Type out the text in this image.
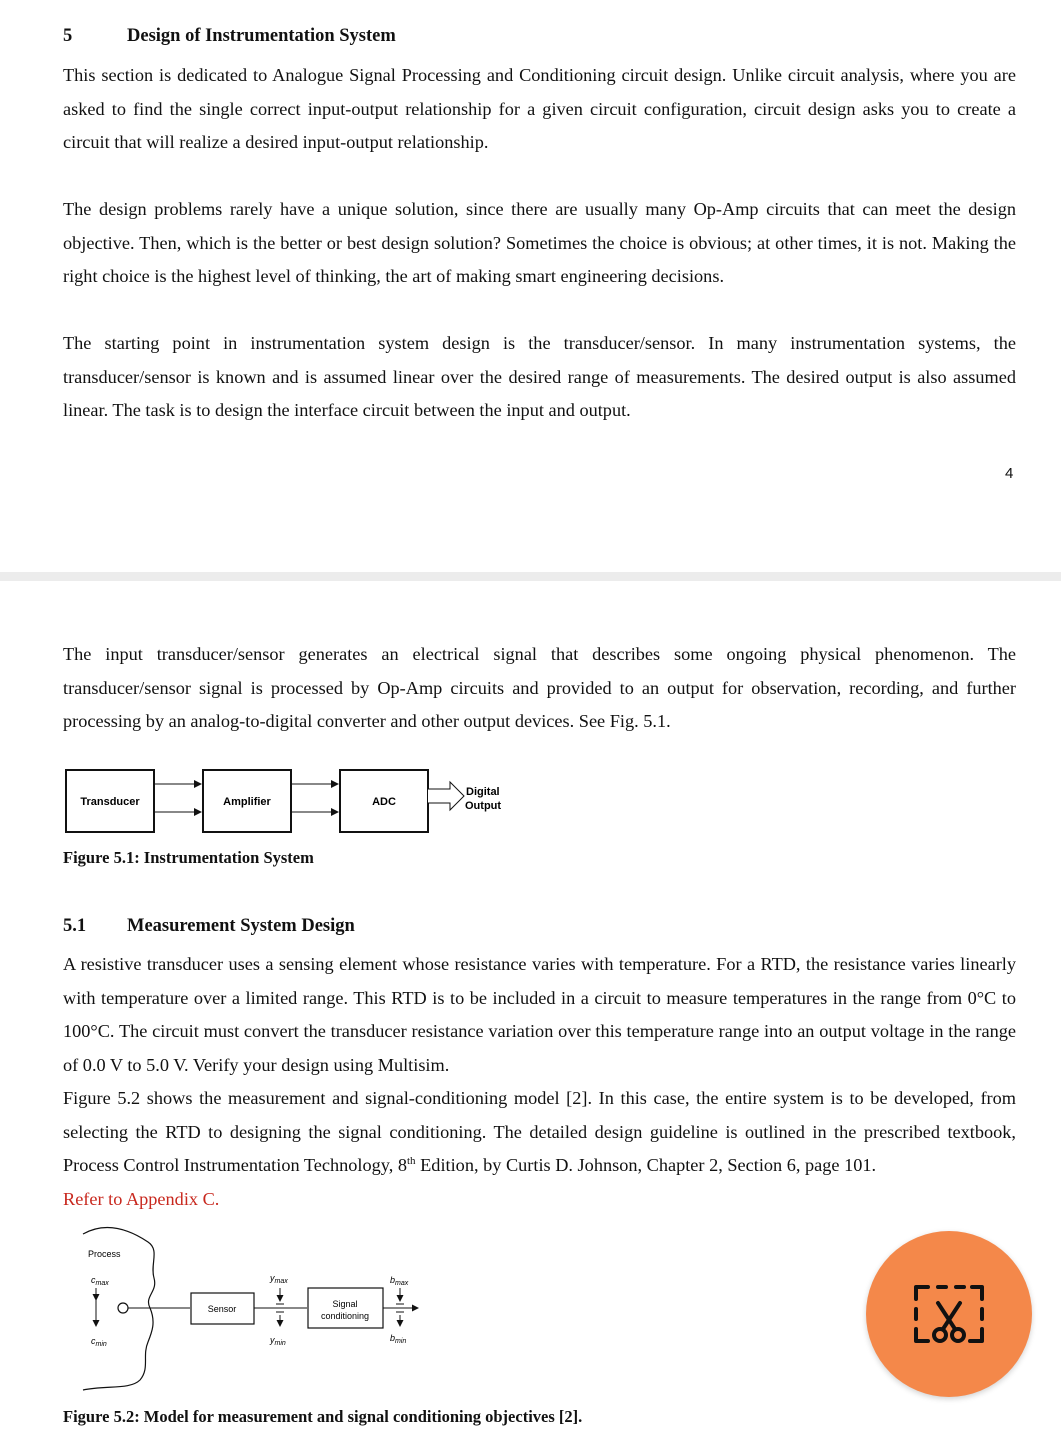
5	Design of Instrumentation System

This section is dedicated to Analogue Signal Processing and Conditioning circuit design. Unlike circuit analysis, where you are asked to find the single correct input-output relationship for a given circuit configuration, circuit design asks you to create a circuit that will realize a desired input-output relationship.

The design problems rarely have a unique solution, since there are usually many Op-Amp circuits that can meet the design objective. Then, which is the better or best design solution? Sometimes the choice is obvious; at other times, it is not. Making the right choice is the highest level of thinking, the art of making smart engineering decisions.

The starting point in instrumentation system design is the transducer/sensor. In many instrumentation systems, the transducer/sensor is known and is assumed linear over the desired range of measurements. The desired output is also assumed linear. The task is to design the interface circuit between the input and output.

4

The input transducer/sensor generates an electrical signal that describes some ongoing physical phenomenon. The transducer/sensor signal is processed by Op-Amp circuits and provided to an output for observation, recording, and further processing by an analog-to-digital converter and other output devices. See Fig. 5.1.

Transducer	Amplifier	ADC
Digital
Output
Figure 5.1: Instrumentation System
5.1 Measurement System Design

A resistive transducer uses a sensing element whose resistance varies with temperature. For a RTD, the resistance varies linearly with temperature over a limited range. This RTD is to be included in a circuit to measure temperatures in the range from 0°C to 100°C. The circuit must convert the transducer resistance variation over this temperature range into an output voltage in the range of 0.0 V to 5.0 V. Verify your design using Multisim.

Figure 5.2 shows the measurement and signal-conditioning model [2]. In this case, the entire system is to be developed, from selecting the RTD to designing the signal conditioning. The detailed design guideline is outlined in the prescribed textbook, Process Control Instrumentation Technology, 8th Edition, by Curtis D. Johnson, Chapter 2, Section 6, page 101.
Refer to Appendix C.

Process
$c_{max}$
$c_{min}$
Sensor
$y_{max}$
$y_{min}$
Signal
conditioning
$b_{max}$
$b_{min}$
Figure 5.2: Model for measurement and signal conditioning objectives [2].
